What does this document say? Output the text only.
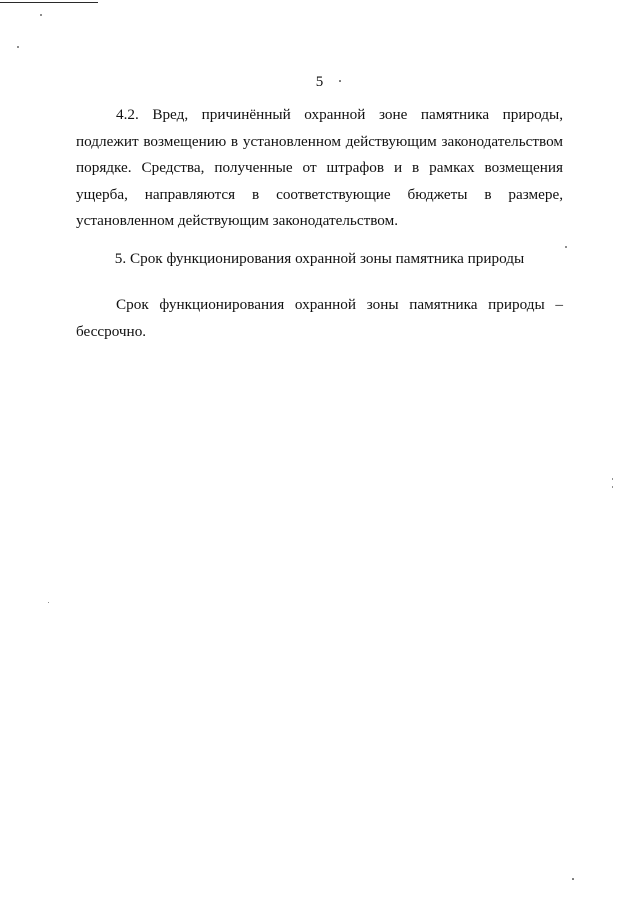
5

4.2. Вред, причинённый охранной зоне памятника природы, подлежит возмещению в установленном действующим законодательством порядке. Средства, полученные от штрафов и в рамках возмещения ущерба, направляются в соответствующие бюджеты в размере, установленном действующим законодательством.

5. Срок функционирования охранной зоны памятника природы

Срок функционирования охранной зоны памятника природы – бессрочно.
